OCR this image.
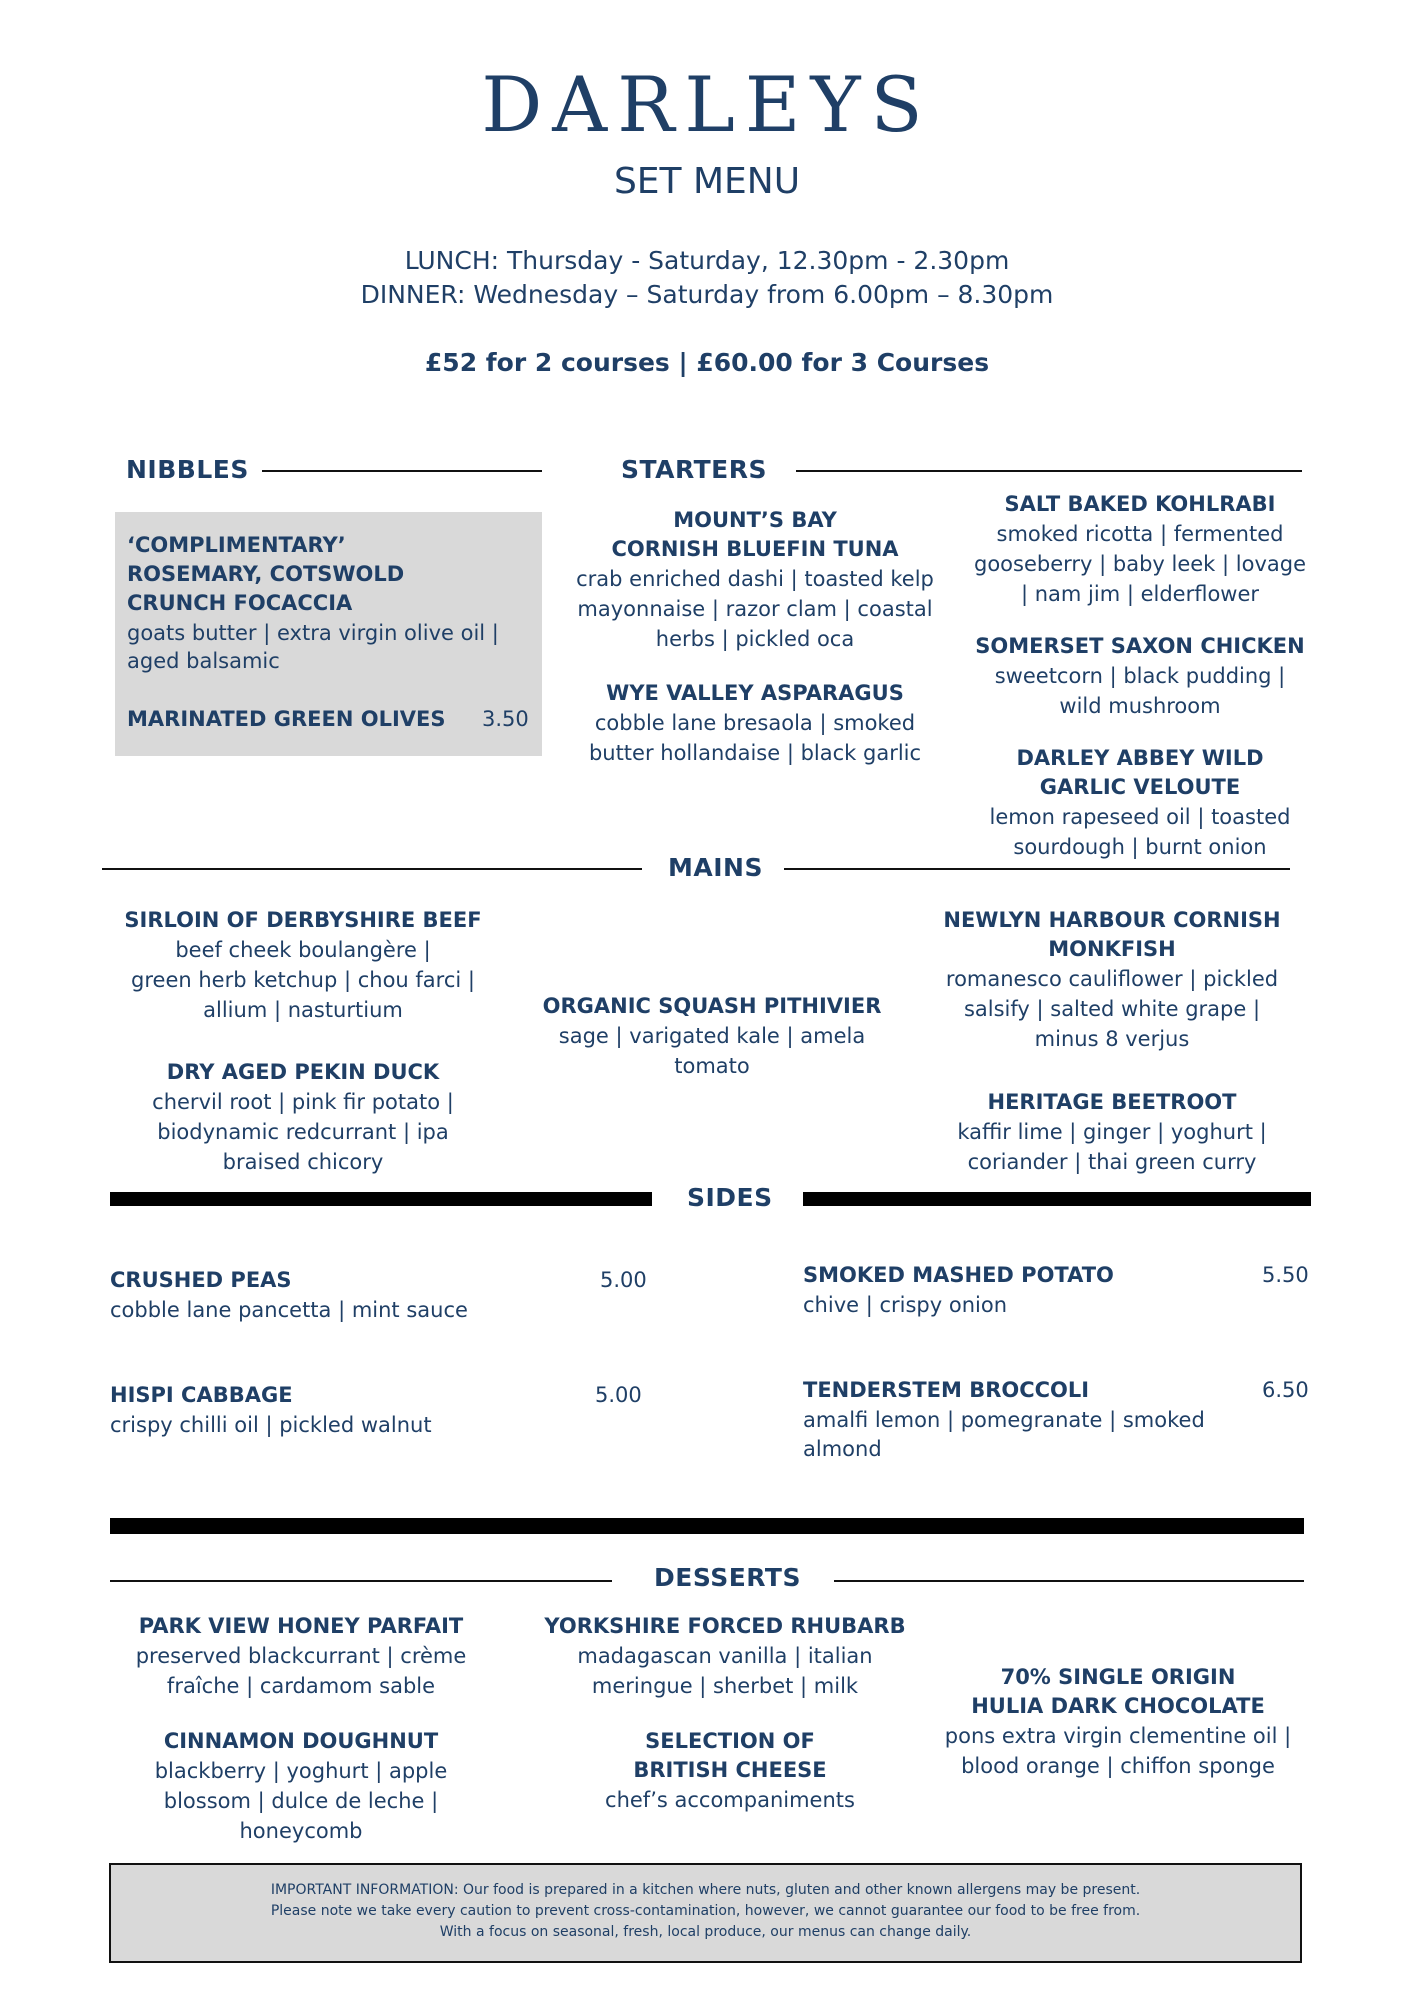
DARLEYS
SET MENU
LUNCH: Thursday - Saturday, 12.30pm - 2.30pm
DINNER: Wednesday – Saturday from 6.00pm – 8.30pm
£52 for 2 courses | £60.00 for 3 Courses
NIBBLES
‘COMPLIMENTARY’
ROSEMARY, COTSWOLD
CRUNCH FOCACCIA
goats butter | extra virgin olive oil |
aged balsamic
MARINATED GREEN OLIVES 3.50
STARTERS
MOUNT’S BAY
CORNISH BLUEFIN TUNA
crab enriched dashi | toasted kelp
mayonnaise | razor clam | coastal
herbs | pickled oca
WYE VALLEY ASPARAGUS
cobble lane bresaola | smoked
butter hollandaise | black garlic
SALT BAKED KOHLRABI
smoked ricotta | fermented
gooseberry | baby leek | lovage
| nam jim | elderflower
SOMERSET SAXON CHICKEN
sweetcorn | black pudding |
wild mushroom
DARLEY ABBEY WILD
GARLIC VELOUTE
lemon rapeseed oil | toasted
sourdough | burnt onion
MAINS
SIRLOIN OF DERBYSHIRE BEEF
beef cheek boulangère |
green herb ketchup | chou farci |
allium | nasturtium
DRY AGED PEKIN DUCK
chervil root | pink fir potato |
biodynamic redcurrant | ipa
braised chicory
ORGANIC SQUASH PITHIVIER
sage | varigated kale | amela
tomato
NEWLYN HARBOUR CORNISH
MONKFISH
romanesco cauliflower | pickled
salsify | salted white grape |
minus 8 verjus
HERITAGE BEETROOT
kaffir lime | ginger | yoghurt |
coriander | thai green curry
SIDES
CRUSHED PEAS	5.00
cobble lane pancetta | mint sauce
HISPI CABBAGE	5.00
crispy chilli oil | pickled walnut
SMOKED MASHED POTATO	5.50
chive | crispy onion
TENDERSTEM BROCCOLI	6.50
amalfi lemon | pomegranate | smoked
almond
DESSERTS
PARK VIEW HONEY PARFAIT
preserved blackcurrant | crème
fraîche | cardamom sable
CINNAMON DOUGHNUT
blackberry | yoghurt | apple
blossom | dulce de leche |
honeycomb
YORKSHIRE FORCED RHUBARB
madagascan vanilla | italian
meringue | sherbet | milk
SELECTION OF
BRITISH CHEESE
chef’s accompaniments
70% SINGLE ORIGIN
HULIA DARK CHOCOLATE
pons extra virgin clementine oil |
blood orange | chiffon sponge
IMPORTANT INFORMATION: Our food is prepared in a kitchen where nuts, gluten and other known allergens may be present.
Please note we take every caution to prevent cross-contamination, however, we cannot guarantee our food to be free from.
With a focus on seasonal, fresh, local produce, our menus can change daily.
